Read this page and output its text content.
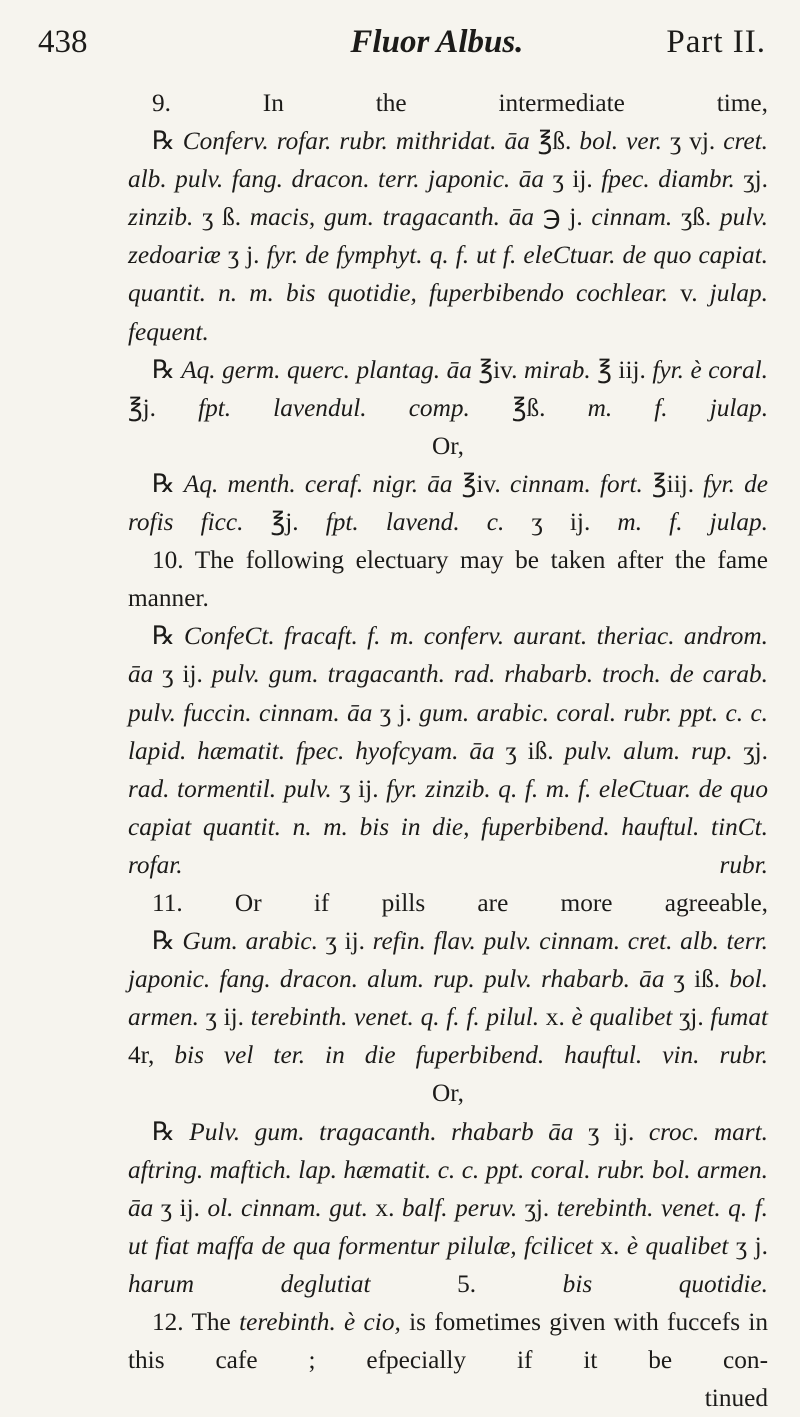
438	Fluor Albus.	Part II.

9. In the intermediate time,

℞ Conferv. rofar. rubr. mithridat. āa ℥ß. bol. ver. ʒ vj. cret. alb. pulv. fang. dracon. terr. japonic. āa ʒ ij. fpec. diambr. ʒj. zinzib. ʒ ß. macis, gum. tragacanth. āa ℈ j. cinnam. ʒß. pulv. zedoariæ ʒ j. fyr. de fymphyt. q. f. ut f. eleCtuar. de quo capiat. quantit. n. m. bis quotidie, fuperbibendo cochlear. v. julap. fequent.

℞ Aq. germ. querc. plantag. āa ℥iv. mirab. ℥ iij. fyr. è coral. ℥j. fpt. lavendul. comp. ℥ß. m. f. julap.

Or,

℞ Aq. menth. ceraf. nigr. āa ℥iv. cinnam. fort. ℥iij. fyr. de rofis ficc. ℥j. fpt. lavend. c. ʒ ij. m. f. julap.

10. The following electuary may be taken after the fame manner.

℞ ConfeCt. fracaft. f. m. conferv. aurant. theriac. androm. āa ʒ ij. pulv. gum. tragacanth. rad. rhabarb. troch. de carab. pulv. fuccin. cinnam. āa ʒ j. gum. arabic. coral. rubr. ppt. c. c. lapid. hæmatit. fpec. hyofcyam. āa ʒ iß. pulv. alum. rup. ʒj. rad. tormentil. pulv. ʒ ij. fyr. zinzib. q. f. m. f. eleCtuar. de quo capiat quantit. n. m. bis in die, fuperbibend. hauftul. tinCt. rofar. rubr.

11. Or if pills are more agreeable,

℞ Gum. arabic. ʒ ij. refin. flav. pulv. cinnam. cret. alb. terr. japonic. fang. dracon. alum. rup. pulv. rhabarb. āa ʒ iß. bol. armen. ʒ ij. terebinth. venet. q. f. f. pilul. x. è qualibet ʒj. fumat 4r, bis vel ter. in die fuperbibend. hauftul. vin. rubr.

Or,

℞ Pulv. gum. tragacanth. rhabarb āa ʒ ij. croc. mart. aftring. maftich. lap. hæmatit. c. c. ppt. coral. rubr. bol. armen. āa ʒ ij. ol. cinnam. gut. x. balf. peruv. ʒj. terebinth. venet. q. f. ut fiat maffa de qua formentur pilulæ, fcilicet x. è qualibet ʒ j. harum deglutiat 5. bis quotidie.

12. The terebinth. è cio, is fometimes given with fuccefs in this cafe ; efpecially if it be con-

tinued
